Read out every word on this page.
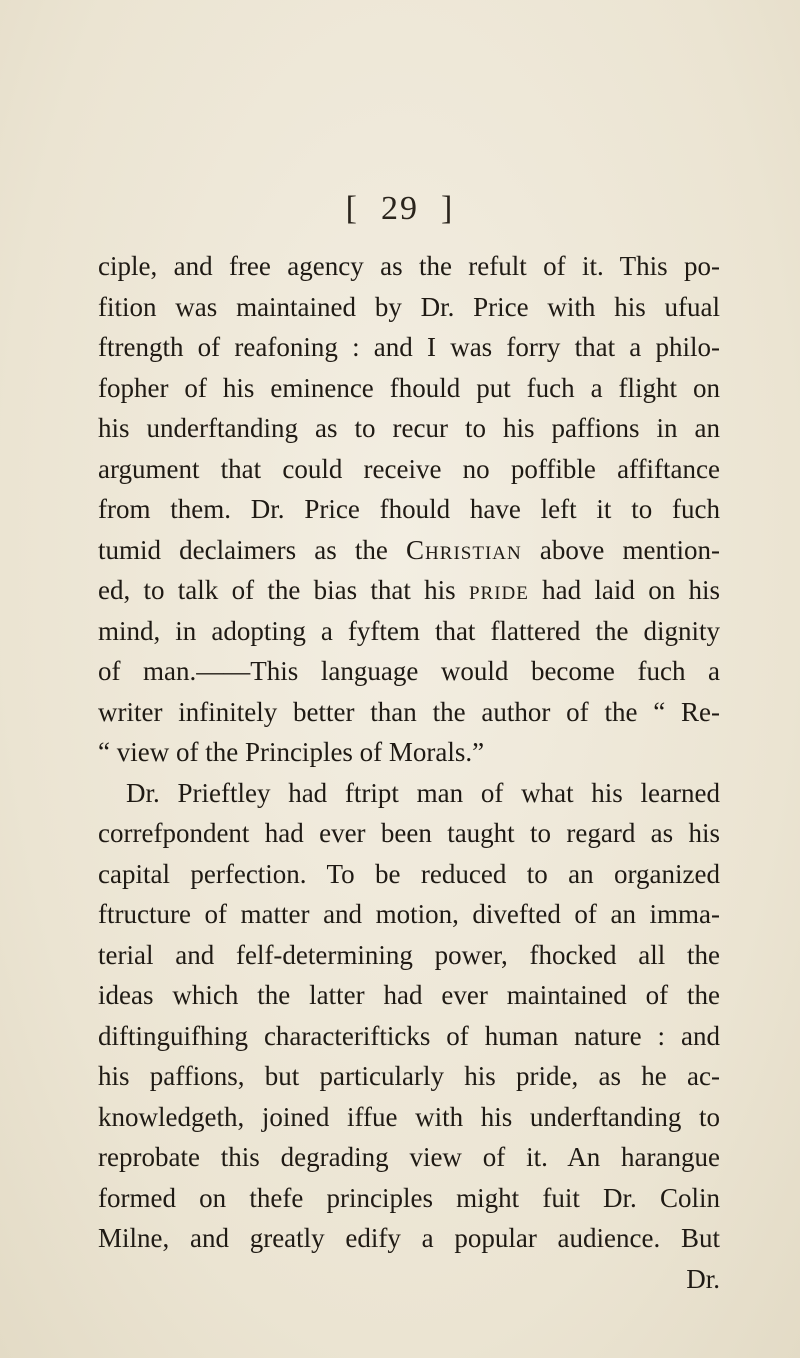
[ 29 ]
ciple, and free agency as the refult of it. This po-
fition was maintained by Dr. Price with his ufual
ftrength of reafoning : and I was forry that a philo-
fopher of his eminence fhould put fuch a flight on
his underftanding as to recur to his paffions in an
argument that could receive no poffible affiftance
from them. Dr. Price fhould have left it to fuch
tumid declaimers as the Christian above mention-
ed, to talk of the bias that his pride had laid on his
mind, in adopting a fyftem that flattered the dignity
of man.——This language would become fuch a
writer infinitely better than the author of the “ Re-
“ view of the Principles of Morals.”
Dr. Prieftley had ftript man of what his learned
correfpondent had ever been taught to regard as his
capital perfection. To be reduced to an organized
ftructure of matter and motion, divefted of an imma-
terial and felf-determining power, fhocked all the
ideas which the latter had ever maintained of the
diftinguifhing characterifticks of human nature : and
his paffions, but particularly his pride, as he ac-
knowledgeth, joined iffue with his underftanding to
reprobate this degrading view of it. An harangue
formed on thefe principles might fuit Dr. Colin
Milne, and greatly edify a popular audience. But
Dr.
